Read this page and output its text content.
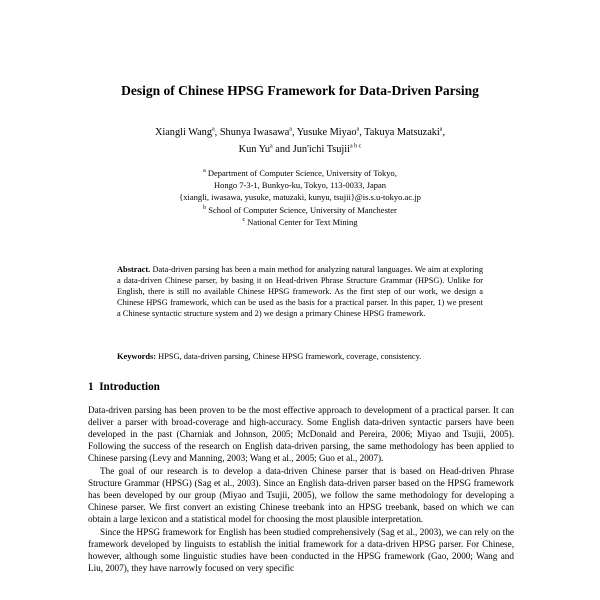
Design of Chinese HPSG Framework for Data-Driven Parsing
Xiangli Wang$^a$, Shunya Iwasawa$^a$, Yusuke Miyao$^a$, Takuya Matsuzaki$^a$,
Kun Yu$^a$ and Jun'ichi Tsujii$^{a b c}$
$^a$ Department of Computer Science, University of Tokyo,
Hongo 7-3-1, Bunkyo-ku, Tokyo, 113-0033, Japan
{xiangli, iwasawa, yusuke, matuzaki, kunyu, tsujii}@is.s.u-tokyo.ac.jp
$^b$ School of Computer Science, University of Manchester
$^c$ National Center for Text Mining
Abstract. Data-driven parsing has been a main method for analyzing natural languages. We aim at exploring a data-driven Chinese parser, by basing it on Head-driven Phrase Structure Grammar (HPSG). Unlike for English, there is still no available Chinese HPSG framework. As the first step of our work, we design a Chinese HPSG framework, which can be used as the basis for a practical parser. In this paper, 1) we present a Chinese syntactic structure system and 2) we design a primary Chinese HPSG framework.
Keywords: HPSG, data-driven parsing, Chinese HPSG framework, coverage, consistency.
1 Introduction

Data-driven parsing has been proven to be the most effective approach to development of a practical parser. It can deliver a parser with broad-coverage and high-accuracy. Some English data-driven syntactic parsers have been developed in the past (Charniak and Johnson, 2005; McDonald and Pereira, 2006; Miyao and Tsujii, 2005). Following the success of the research on English data-driven parsing, the same methodology has been applied to Chinese parsing (Levy and Manning, 2003; Wang et al., 2005; Guo et al., 2007).

The goal of our research is to develop a data-driven Chinese parser that is based on Head-driven Phrase Structure Grammar (HPSG) (Sag et al., 2003). Since an English data-driven parser based on the HPSG framework has been developed by our group (Miyao and Tsujii, 2005), we follow the same methodology for developing a Chinese parser. We first convert an existing Chinese treebank into an HPSG treebank, based on which we can obtain a large lexicon and a statistical model for choosing the most plausible interpretation.

Since the HPSG framework for English has been studied comprehensively (Sag et al., 2003), we can rely on the framework developed by linguists to establish the initial framework for a data-driven HPSG parser. For Chinese, however, although some linguistic studies have been conducted in the HPSG framework (Gao, 2000; Wang and Liu, 2007), they have narrowly focused on very specific
